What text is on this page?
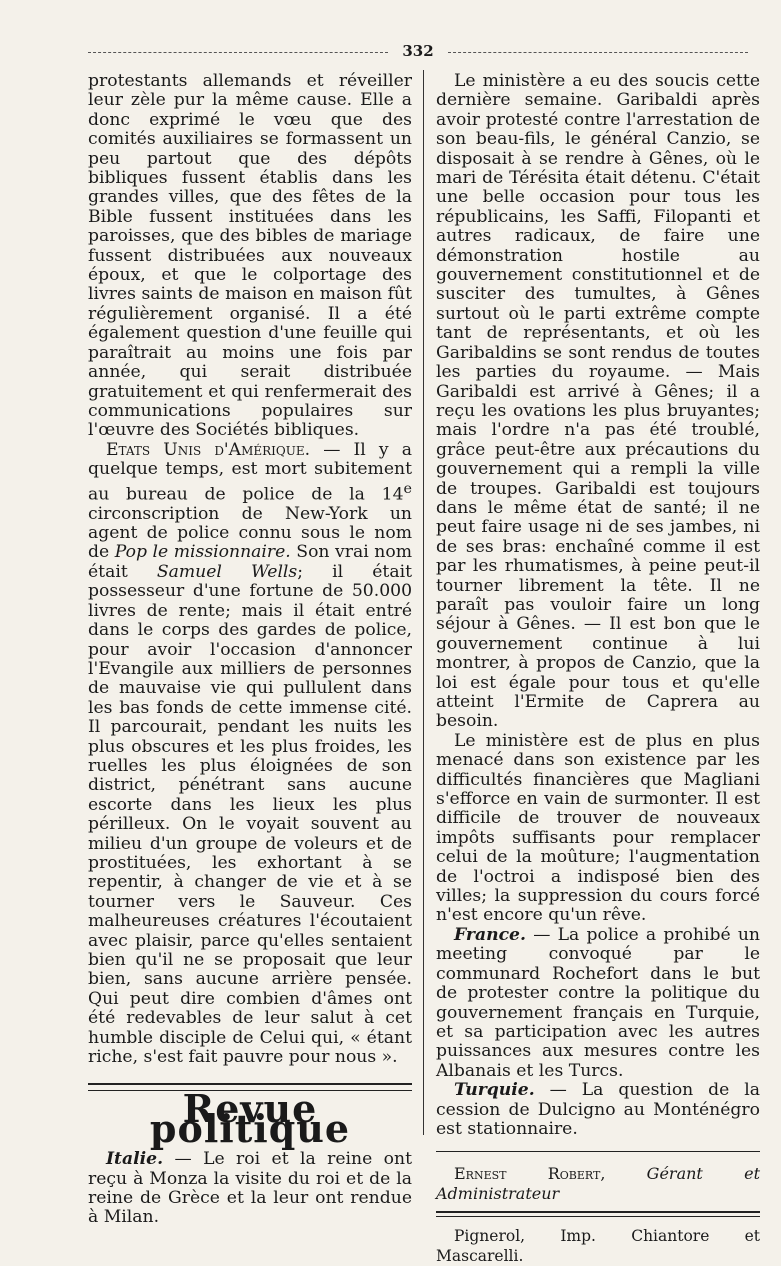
332

protestants allemands et réveiller leur zèle pur la même cause. Elle a donc exprimé le vœu que des comités auxiliaires se formassent un peu partout que des dépôts bibliques fussent établis dans les grandes villes, que des fêtes de la Bible fussent instituées dans les paroisses, que des bibles de mariage fussent distribuées aux nouveaux époux, et que le colportage des livres saints de maison en maison fût régulièrement organisé. Il a été également question d'une feuille qui paraîtrait au moins une fois par année, qui serait distribuée gratuitement et qui renfermerait des communications populaires sur l'œuvre des Sociétés bibliques.

Etats Unis d'Amérique. — Il y a quelque temps, est mort subitement au bureau de police de la 14e circonscription de New-York un agent de police connu sous le nom de Pop le missionnaire. Son vrai nom était Samuel Wells; il était possesseur d'une fortune de 50.000 livres de rente; mais il était entré dans le corps des gardes de police, pour avoir l'occasion d'annoncer l'Evangile aux milliers de personnes de mauvaise vie qui pullulent dans les bas fonds de cette immense cité. Il parcourait, pendant les nuits les plus obscures et les plus froides, les ruelles les plus éloignées de son district, pénétrant sans aucune escorte dans les lieux les plus périlleux. On le voyait souvent au milieu d'un groupe de voleurs et de prostituées, les exhortant à se repentir, à changer de vie et à se tourner vers le Sauveur. Ces malheureuses créatures l'écoutaient avec plaisir, parce qu'elles sentaient bien qu'il ne se proposait que leur bien, sans aucune arrière pensée. Qui peut dire combien d'âmes ont été redevables de leur salut à cet humble disciple de Celui qui, « étant riche, s'est fait pauvre pour nous ».

Revue politique

Italie. — Le roi et la reine ont reçu à Monza la visite du roi et de la reine de Grèce et la leur ont rendue à Milan.

Le ministère a eu des soucis cette dernière semaine. Garibaldi après avoir protesté contre l'arrestation de son beau-fils, le général Canzio, se disposait à se rendre à Gênes, où le mari de Térésita était détenu. C'était une belle occasion pour tous les républicains, les Saffi, Filopanti et autres radicaux, de faire une démonstration hostile au gouvernement constitutionnel et de susciter des tumultes, à Gênes surtout où le parti extrême compte tant de représentants, et où les Garibaldins se sont rendus de toutes les parties du royaume. — Mais Garibaldi est arrivé à Gênes; il a reçu les ovations les plus bruyantes; mais l'ordre n'a pas été troublé, grâce peut-être aux précautions du gouvernement qui a rempli la ville de troupes. Garibaldi est toujours dans le même état de santé; il ne peut faire usage ni de ses jambes, ni de ses bras: enchaîné comme il est par les rhumatismes, à peine peut-il tourner librement la tête. Il ne paraît pas vouloir faire un long séjour à Gênes. — Il est bon que le gouvernement continue à lui montrer, à propos de Canzio, que la loi est égale pour tous et qu'elle atteint l'Ermite de Caprera au besoin.

Le ministère est de plus en plus menacé dans son existence par les difficultés financières que Magliani s'efforce en vain de surmonter. Il est difficile de trouver de nouveaux impôts suffisants pour remplacer celui de la moûture; l'augmentation de l'octroi a indisposé bien des villes; la suppression du cours forcé n'est encore qu'un rêve.

France. — La police a prohibé un meeting convoqué par le communard Rochefort dans le but de protester contre la politique du gouvernement français en Turquie, et sa participation avec les autres puissances aux mesures contre les Albanais et les Turcs.

Turquie. — La question de la cession de Dulcigno au Monténégro est stationnaire.

Ernest Robert, Gérant et Administrateur

Pignerol, Imp. Chiantore et Mascarelli.
